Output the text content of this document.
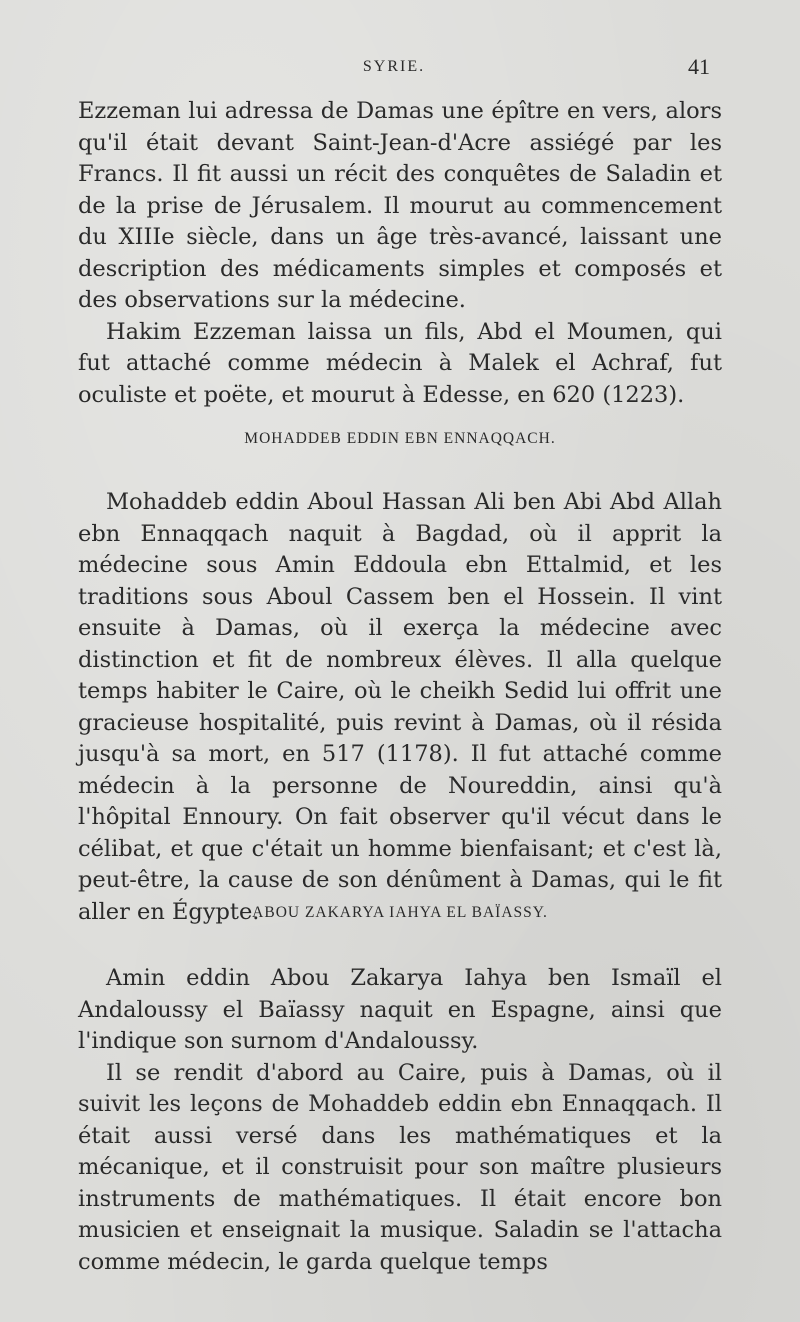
SYRIE.	41

Ezzeman lui adressa de Damas une épître en vers, alors qu'il était devant Saint-Jean-d'Acre assiégé par les Francs. Il fit aussi un récit des conquêtes de Saladin et de la prise de Jérusalem. Il mourut au commencement du XIIIe siècle, dans un âge très-avancé, laissant une description des médicaments simples et composés et des observations sur la médecine.

Hakim Ezzeman laissa un fils, Abd el Moumen, qui fut attaché comme médecin à Malek el Achraf, fut oculiste et poëte, et mourut à Edesse, en 620 (1223).

MOHADDEB EDDIN EBN ENNAQQACH.

Mohaddeb eddin Aboul Hassan Ali ben Abi Abd Allah ebn Ennaqqach naquit à Bagdad, où il apprit la médecine sous Amin Eddoula ebn Ettalmid, et les traditions sous Aboul Cassem ben el Hossein. Il vint ensuite à Damas, où il exerça la médecine avec distinction et fit de nombreux élèves. Il alla quelque temps habiter le Caire, où le cheikh Sedid lui offrit une gracieuse hospitalité, puis revint à Damas, où il résida jusqu'à sa mort, en 517 (1178). Il fut attaché comme médecin à la personne de Noureddin, ainsi qu'à l'hôpital Ennoury. On fait observer qu'il vécut dans le célibat, et que c'était un homme bienfaisant; et c'est là, peut-être, la cause de son dénûment à Damas, qui le fit aller en Égypte.

ABOU ZAKARYA IAHYA EL BAÏASSY.

Amin eddin Abou Zakarya Iahya ben Ismaïl el Andaloussy el Baïassy naquit en Espagne, ainsi que l'indique son surnom d'Andaloussy.

Il se rendit d'abord au Caire, puis à Damas, où il suivit les leçons de Mohaddeb eddin ebn Ennaqqach. Il était aussi versé dans les mathématiques et la mécanique, et il construisit pour son maître plusieurs instruments de mathématiques. Il était encore bon musicien et enseignait la musique. Saladin se l'attacha comme médecin, le garda quelque temps
